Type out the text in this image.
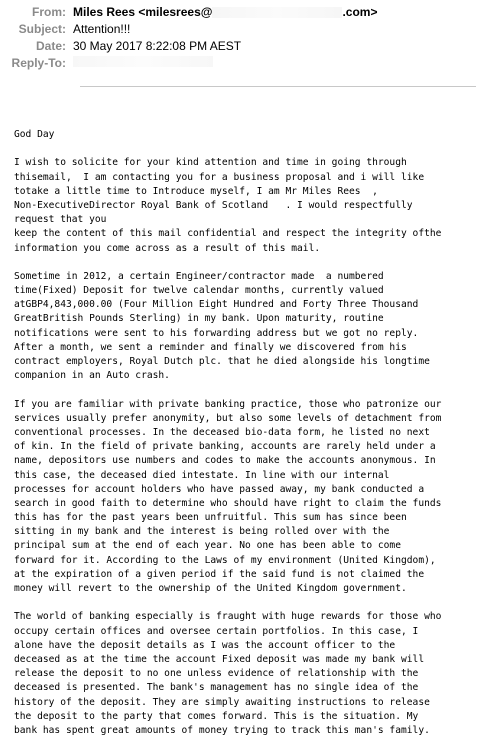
From: Miles Rees <milesrees@	.com>
Subject: Attention!!!
Date: 30 May 2017 8:22:08 PM AEST
Reply-To:
God Day
I wish to solicite for your kind attention and time in going through
thisemail,  I am contacting you for a business proposal and i will like
totake a little time to Introduce myself, I am Mr Miles Rees  ,
Non-ExecutiveDirector Royal Bank of Scotland   . I would respectfully
request that you
keep the content of this mail confidential and respect the integrity ofthe
information you come across as a result of this mail.
Sometime in 2012, a certain Engineer/contractor made  a numbered
time(Fixed) Deposit for twelve calendar months, currently valued
atGBP4,843,000.00 (Four Million Eight Hundred and Forty Three Thousand
GreatBritish Pounds Sterling) in my bank. Upon maturity, routine
notifications were sent to his forwarding address but we got no reply.
After a month, we sent a reminder and finally we discovered from his
contract employers, Royal Dutch plc. that he died alongside his longtime
companion in an Auto crash.
If you are familiar with private banking practice, those who patronize our
services usually prefer anonymity, but also some levels of detachment from
conventional processes. In the deceased bio-data form, he listed no next
of kin. In the field of private banking, accounts are rarely held under a
name, depositors use numbers and codes to make the accounts anonymous. In
this case, the deceased died intestate. In line with our internal
processes for account holders who have passed away, my bank conducted a
search in good faith to determine who should have right to claim the funds
this has for the past years been unfruitful. This sum has since been
sitting in my bank and the interest is being rolled over with the
principal sum at the end of each year. No one has been able to come
forward for it. According to the Laws of my environment (United Kingdom),
at the expiration of a given period if the said fund is not claimed the
money will revert to the ownership of the United Kingdom government.
The world of banking especially is fraught with huge rewards for those who
occupy certain offices and oversee certain portfolios. In this case, I
alone have the deposit details as I was the account officer to the
deceased as at the time the account Fixed deposit was made my bank will
release the deposit to no one unless evidence of relationship with the
deceased is presented. The bank's management has no single idea of the
history of the deposit. They are simply awaiting instructions to release
the deposit to the party that comes forward. This is the situation. My
bank has spent great amounts of money trying to track this man's family.
